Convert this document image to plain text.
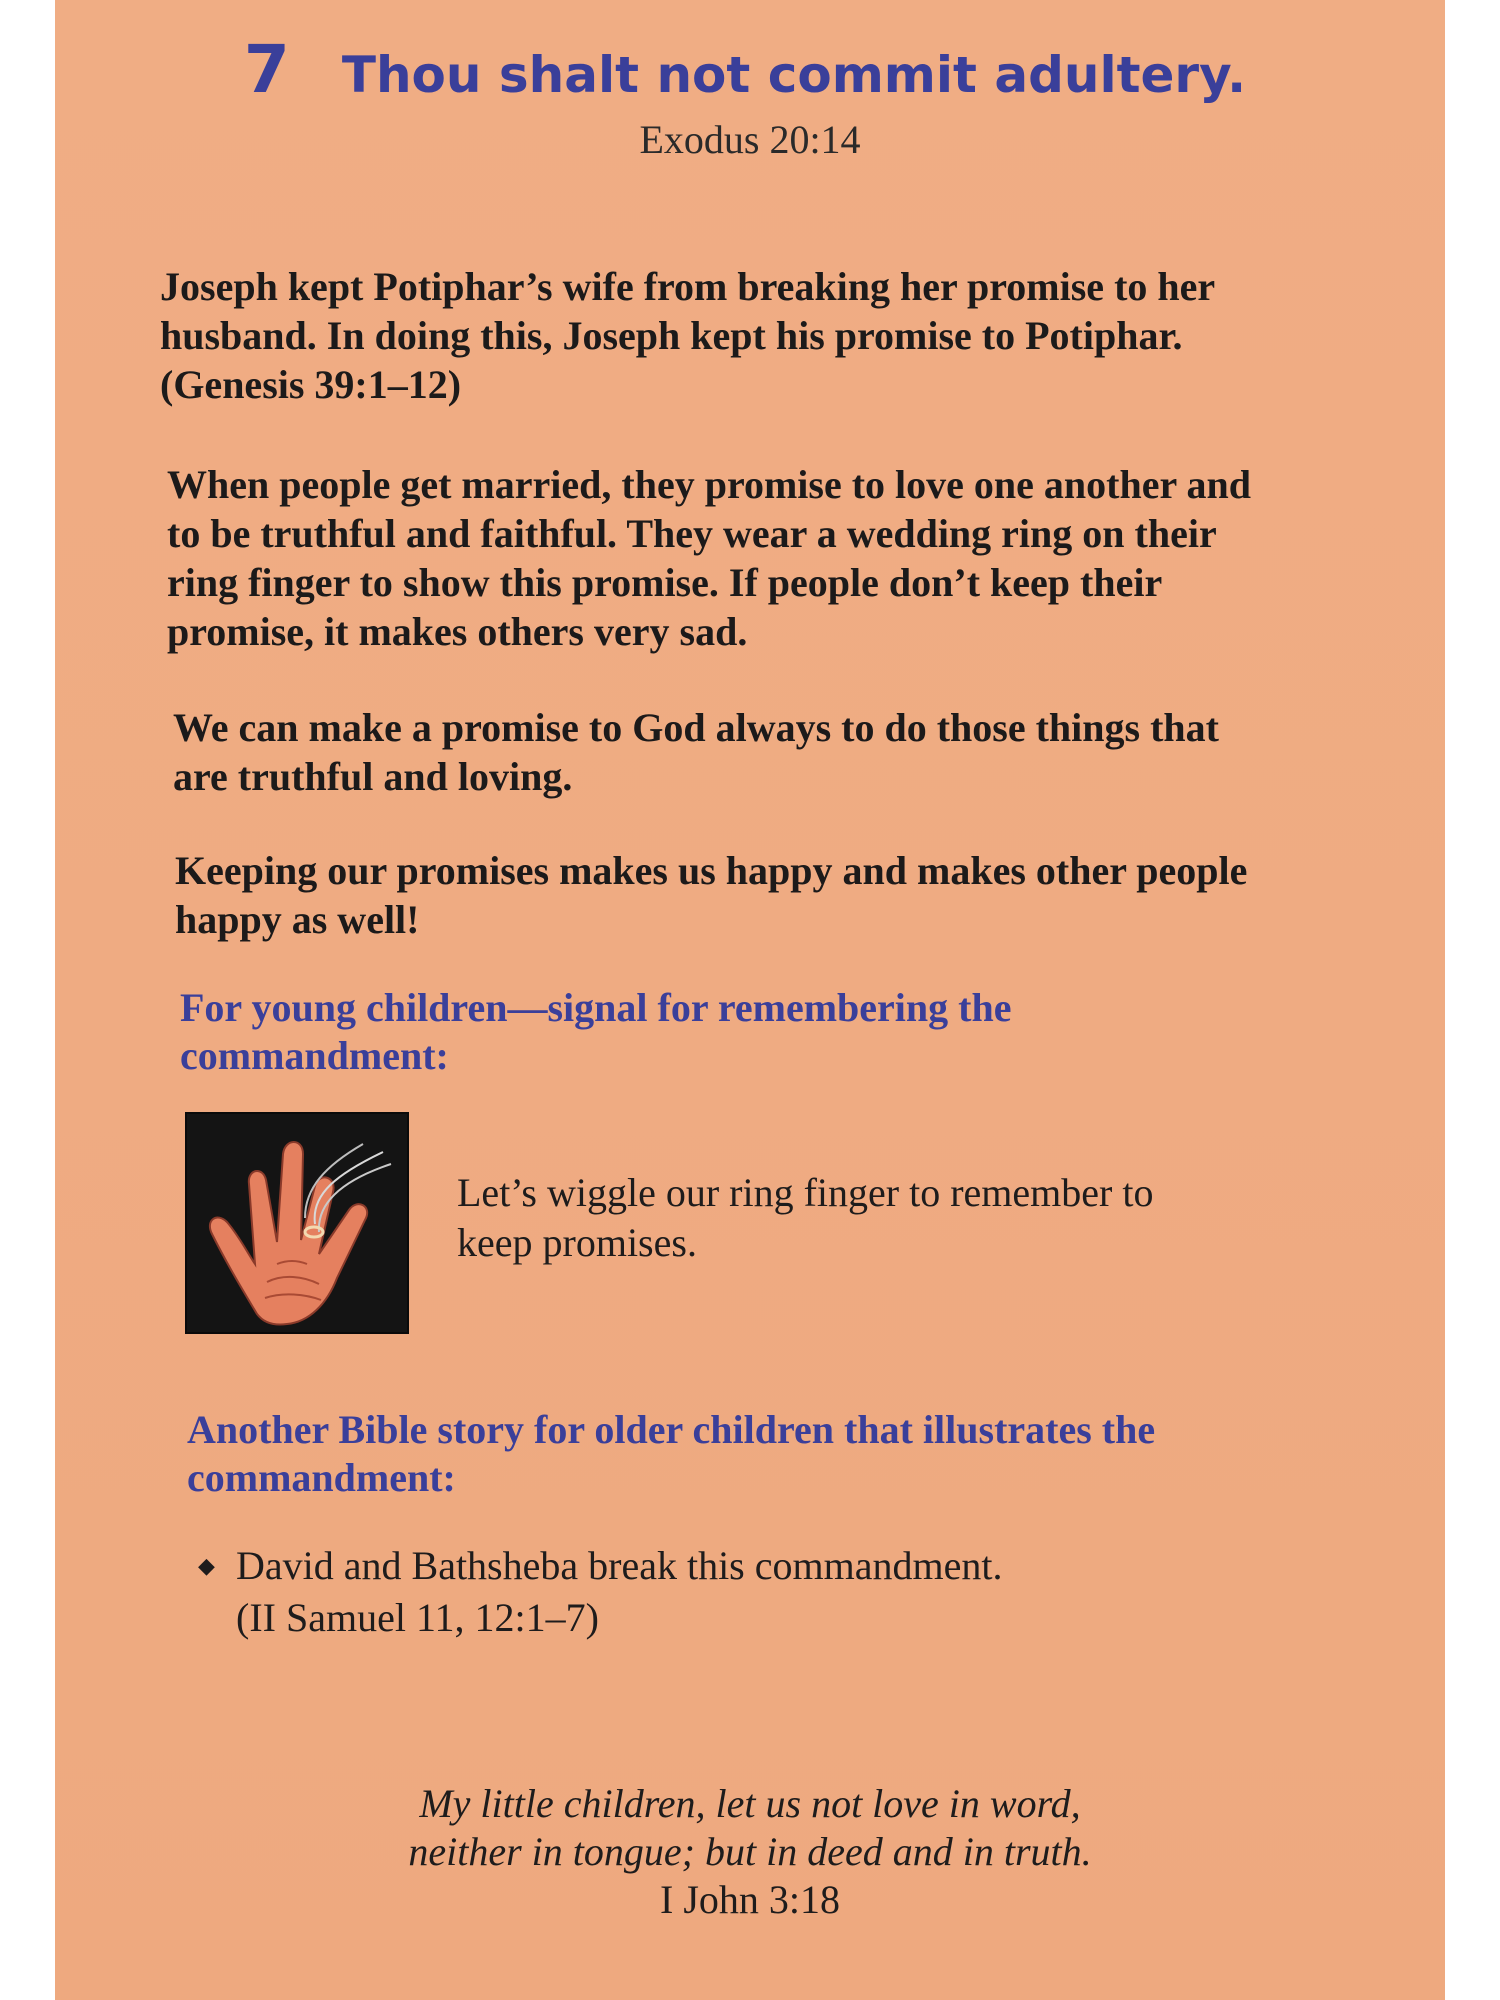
7 Thou shalt not commit adultery.
Exodus 20:14

Joseph kept Potiphar’s wife from breaking her promise to her
husband. In doing this, Joseph kept his promise to Potiphar.
(Genesis 39:1–12)

When people get married, they promise to love one another and
to be truthful and faithful. They wear a wedding ring on their
ring finger to show this promise. If people don’t keep their
promise, it makes others very sad.

We can make a promise to God always to do those things that
are truthful and loving.

Keeping our promises makes us happy and makes other people
happy as well!

For young children—signal for remembering the
commandment:

Let’s wiggle our ring finger to remember to
keep promises.

Another Bible story for older children that illustrates the
commandment:
◆ David and Bathsheba break this commandment.
(II Samuel 11, 12:1–7)
My little children, let us not love in word,
neither in tongue; but in deed and in truth.
I John 3:18
